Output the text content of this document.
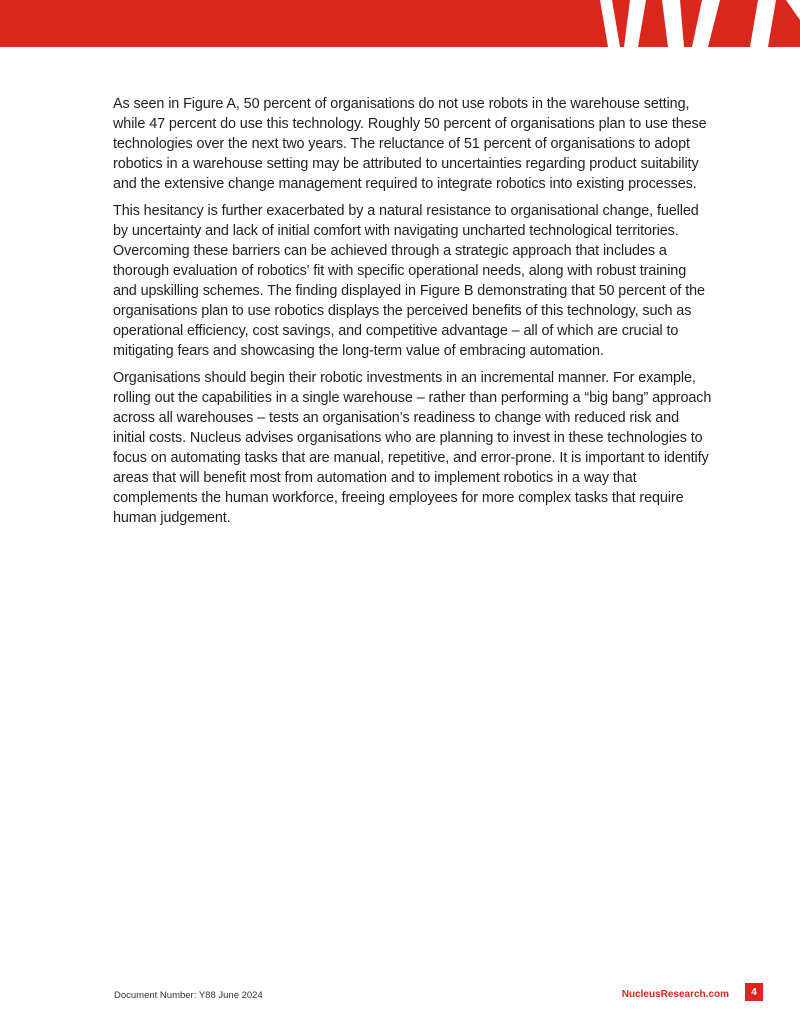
As seen in Figure A, 50 percent of organisations do not use robots in the warehouse setting, while 47 percent do use this technology. Roughly 50 percent of organisations plan to use these technologies over the next two years. The reluctance of 51 percent of organisations to adopt robotics in a warehouse setting may be attributed to uncertainties regarding product suitability and the extensive change management required to integrate robotics into existing processes.

This hesitancy is further exacerbated by a natural resistance to organisational change, fuelled by uncertainty and lack of initial comfort with navigating uncharted technological territories. Overcoming these barriers can be achieved through a strategic approach that includes a thorough evaluation of robotics' fit with specific operational needs, along with robust training and upskilling schemes. The finding displayed in Figure B demonstrating that 50 percent of the organisations plan to use robotics displays the perceived benefits of this technology, such as operational efficiency, cost savings, and competitive advantage – all of which are crucial to mitigating fears and showcasing the long-term value of embracing automation.

Organisations should begin their robotic investments in an incremental manner. For example, rolling out the capabilities in a single warehouse – rather than performing a “big bang” approach across all warehouses – tests an organisation’s readiness to change with reduced risk and initial costs. Nucleus advises organisations who are planning to invest in these technologies to focus on automating tasks that are manual, repetitive, and error-prone. It is important to identify areas that will benefit most from automation and to implement robotics in a way that complements the human workforce, freeing employees for more complex tasks that require human judgement.

Document Number: Y88 June 2024	NucleusResearch.com	4
